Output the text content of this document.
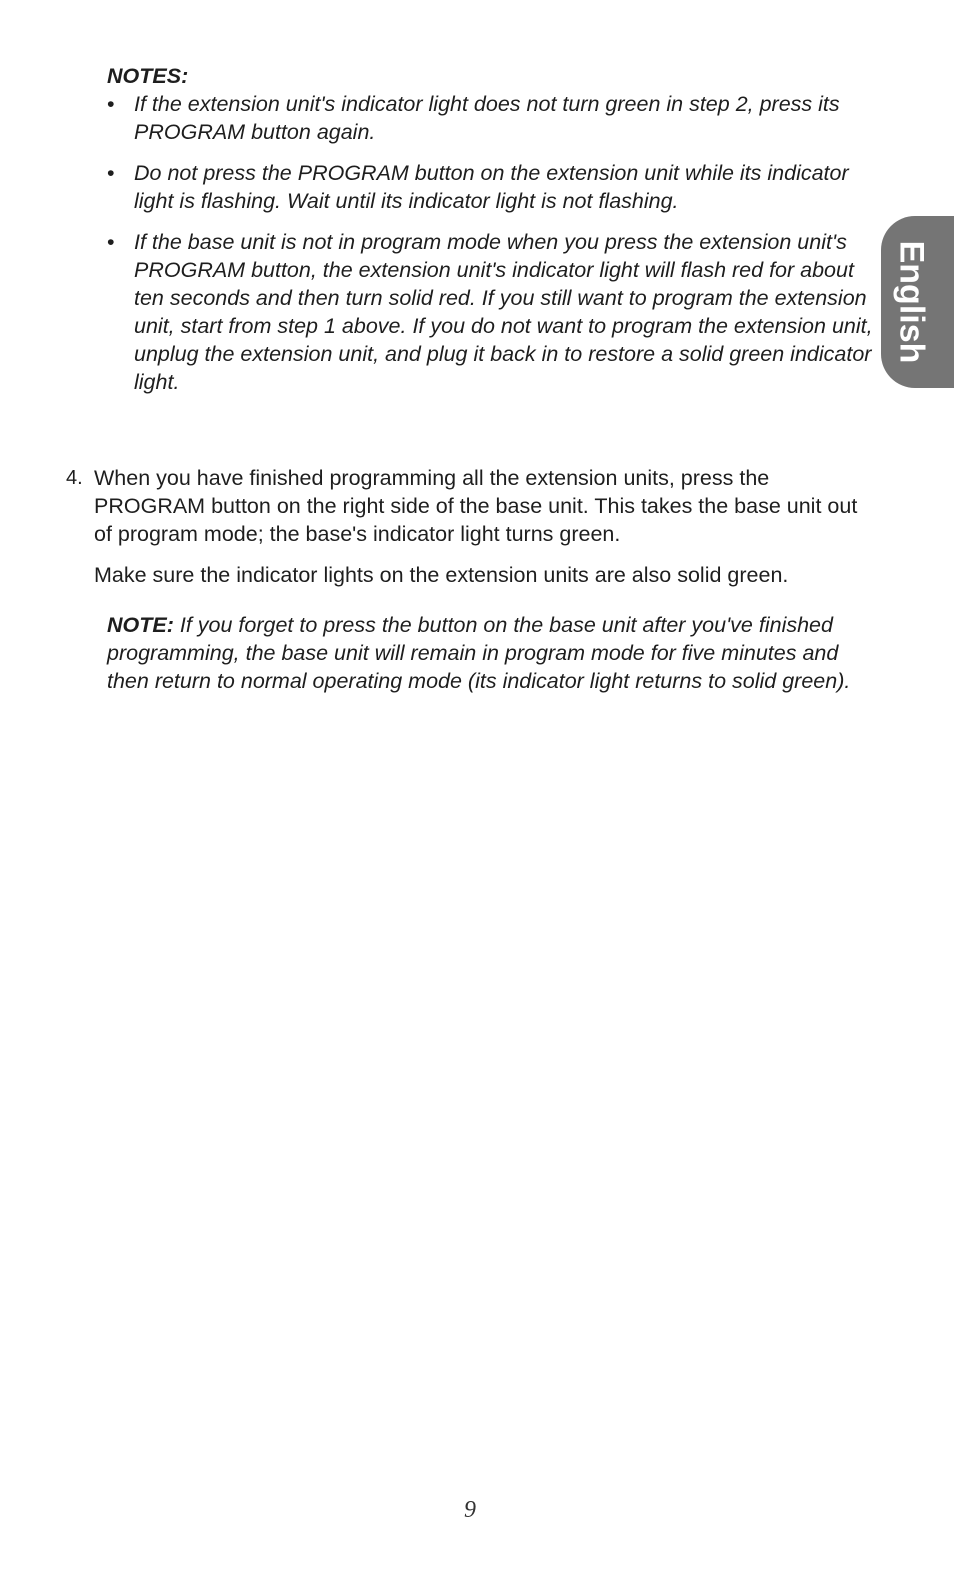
NOTES:

• If the extension unit's indicator light does not turn green in step 2, press its PROGRAM button again.
• Do not press the PROGRAM button on the extension unit while its indicator light is flashing. Wait until its indicator light is not flashing.
• If the base unit is not in program mode when you press the extension unit's PROGRAM button, the extension unit's indicator light will flash red for about ten seconds and then turn solid red. If you still want to program the extension unit, start from step 1 above. If you do not want to program the extension unit, unplug the extension unit, and plug it back in to restore a solid green indicator light.
4. When you have finished programming all the extension units, press the PROGRAM button on the right side of the base unit. This takes the base unit out of program mode; the base's indicator light turns green.

Make sure the indicator lights on the extension units are also solid green.

NOTE: If you forget to press the button on the base unit after you've finished programming, the base unit will remain in program mode for five minutes and then return to normal operating mode (its indicator light returns to solid green).

English
9
